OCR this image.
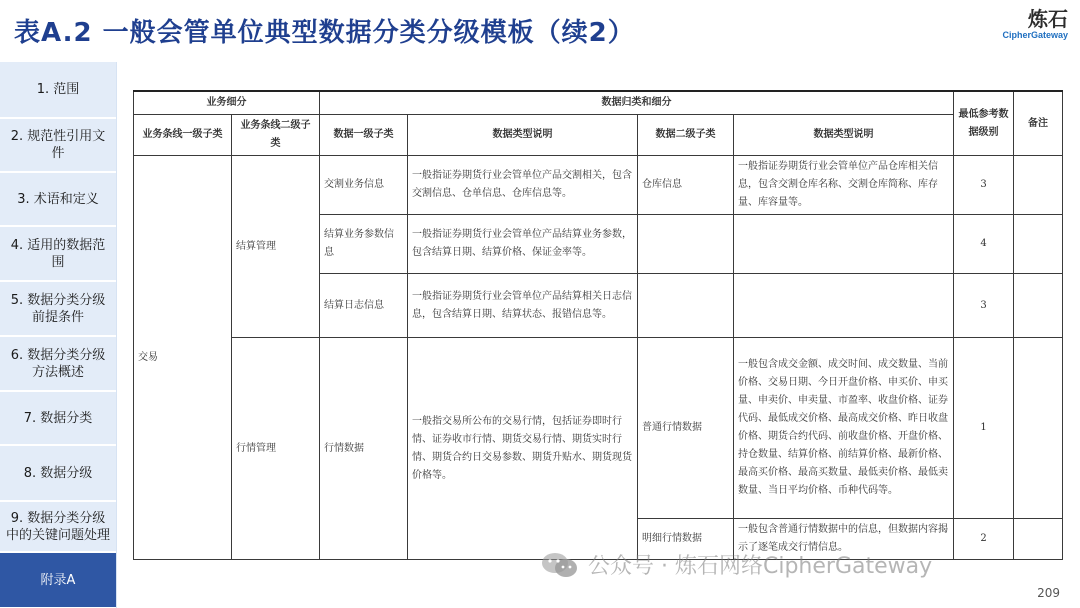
表A.2 一般会管单位典型数据分类分级模板（续2）	炼石
CipherGateway
1. 范围
2. 规范性引用文件
3. 术语和定义
4. 适用的数据范围
5. 数据分类分级前提条件
6. 数据分类分级方法概述
7. 数据分类
8. 数据分级
9. 数据分类分级中的关键问题处理
附录A
业务细分		数据归类和细分				最低参考数据级别	备注
业务条线一级子类	业务条线二级子类	数据一级子类	数据类型说明	数据二级子类	数据类型说明		
交易	结算管理	交割业务信息	一般指证券期货行业会管单位产品交割相关，包含交割信息、仓单信息、仓库信息等。	仓库信息	一般指证券期货行业会管单位产品仓库相关信息，包含交割仓库名称、交割仓库简称、库存量、库容量等。	3	
		结算业务参数信息	一般指证券期货行业会管单位产品结算业务参数，包含结算日期、结算价格、保证金率等。			4	
		结算日志信息	一般指证券期货行业会管单位产品结算相关日志信息，包含结算日期、结算状态、报错信息等。			3	
	行情管理	行情数据	一般指交易所公布的交易行情，包括证券即时行情、证券收市行情、期货交易行情、期货实时行情、期货合约日交易参数、期货升贴水、期货现货价格等。	普通行情数据	一般包含成交金额、成交时间、成交数量、当前价格、交易日期、今日开盘价格、申买价、申买量、申卖价、申卖量、市盈率、收盘价格、证券代码、最低成交价格、最高成交价格、昨日收盘价格、期货合约代码、前收盘价格、开盘价格、持仓数量、结算价格、前结算价格、最新价格、最高买价格、最高买数量、最低卖价格、最低卖数量、当日平均价格、币种代码等。	1	
				明细行情数据	一般包含普通行情数据中的信息，但数据内容揭示了逐笔成交行情信息。	2	
公众号 · 炼石网络CipherGateway
209
